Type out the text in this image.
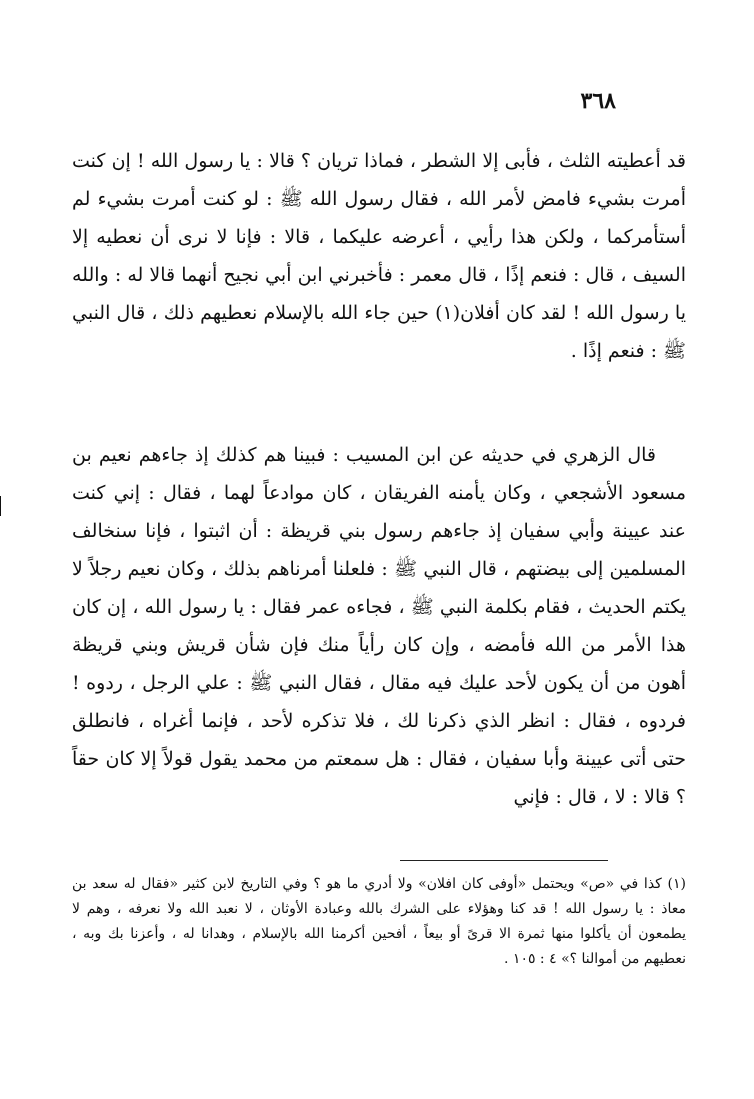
٣٦٨

قد أعطيته الثلث ، فأبى إلا الشطر ، فماذا تريان ؟ قالا : يا رسول الله ! إن كنت أمرت بشيء فامض لأمر الله ، فقال رسول الله ﷺ : لو كنت أمرت بشيء لم أستأمركما ، ولكن هذا رأيي ، أعرضه عليكما ، قالا : فإنا لا نرى أن نعطيه إلا السيف ، قال : فنعم إذًا ، قال معمر : فأخبرني ابن أبي نجيح أنهما قالا له : والله يا رسول الله ! لقد كان أفلان(١) حين جاء الله بالإسلام نعطيهم ذلك ، قال النبي ﷺ : فنعم إذًا .

قال الزهري في حديثه عن ابن المسيب : فبينا هم كذلك إذ جاءهم نعيم بن مسعود الأشجعي ، وكان يأمنه الفريقان ، كان موادعاً لهما ، فقال : إني كنت عند عيينة وأبي سفيان إذ جاءهم رسول بني قريظة : أن اثبتوا ، فإنا سنخالف المسلمين إلى بيضتهم ، قال النبي ﷺ : فلعلنا أمرناهم بذلك ، وكان نعيم رجلاً لا يكتم الحديث ، فقام بكلمة النبي ﷺ ، فجاءه عمر فقال : يا رسول الله ، إن كان هذا الأمر من الله فأمضه ، وإن كان رأياً منك فإن شأن قريش وبني قريظة أهون من أن يكون لأحد عليك فيه مقال ، فقال النبي ﷺ : علي الرجل ، ردوه ! فردوه ، فقال : انظر الذي ذكرنا لك ، فلا تذكره لأحد ، فإنما أغراه ، فانطلق حتى أتى عيينة وأبا سفيان ، فقال : هل سمعتم من محمد يقول قولاً إلا كان حقاً ؟ قالا : لا ، قال : فإني

(١) كذا في «ص» ويحتمل «أوفى كان افلان» ولا أدري ما هو ؟ وفي التاريخ لابن كثير «فقال له سعد بن معاذ : يا رسول الله ! قد كنا وهؤلاء على الشرك بالله وعبادة الأوثان ، لا نعبد الله ولا نعرفه ، وهم لا يطمعون أن يأكلوا منها ثمرة الا قرىً أو بيعاً ، أفحين أكرمنا الله بالإسلام ، وهدانا له ، وأعزنا بك وبه ، نعطيهم من أموالنا ؟» ٤ : ١٠٥ .
